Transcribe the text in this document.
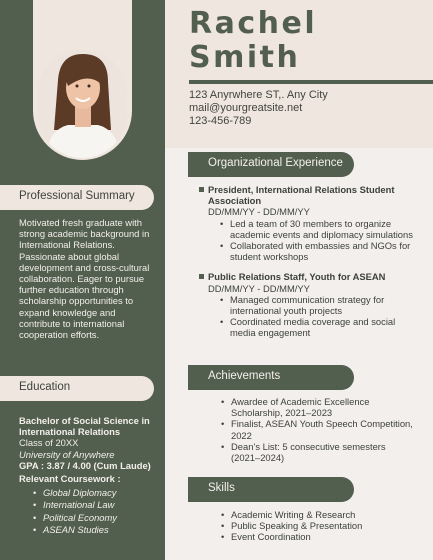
Professional Summary
Motivated fresh graduate with strong academic background in International Relations. Passionate about global development and cross-cultural collaboration. Eager to pursue further education through scholarship opportunities to expand knowledge and contribute to international cooperation efforts.
Education
Bachelor of Social Science in International Relations
Class of 20XX
University of Anywhere
GPA : 3.87 / 4.00 (Cum Laude)
Relevant Coursework :
• Global Diplomacy
• International Law
• Political Economy
• ASEAN Studies
Rachel
Smith
123 Anyrwhere ST,. Any City
mail@yourgreatsite.net
123-456-789
Organizational Experience
President, International Relations Student Association
DD/MM/YY - DD/MM/YY
• Led a team of 30 members to organize academic events and diplomacy simulations
• Collaborated with embassies and NGOs for student workshops
Public Relations Staff, Youth for ASEAN
DD/MM/YY - DD/MM/YY
• Managed communication strategy for international youth projects
• Coordinated media coverage and social media engagement
Achievements
• Awardee of Academic Excellence Scholarship, 2021–2023
• Finalist, ASEAN Youth Speech Competition, 2022
• Dean’s List: 5 consecutive semesters (2021–2024)
Skills
• Academic Writing & Research
• Public Speaking & Presentation
• Event Coordination
